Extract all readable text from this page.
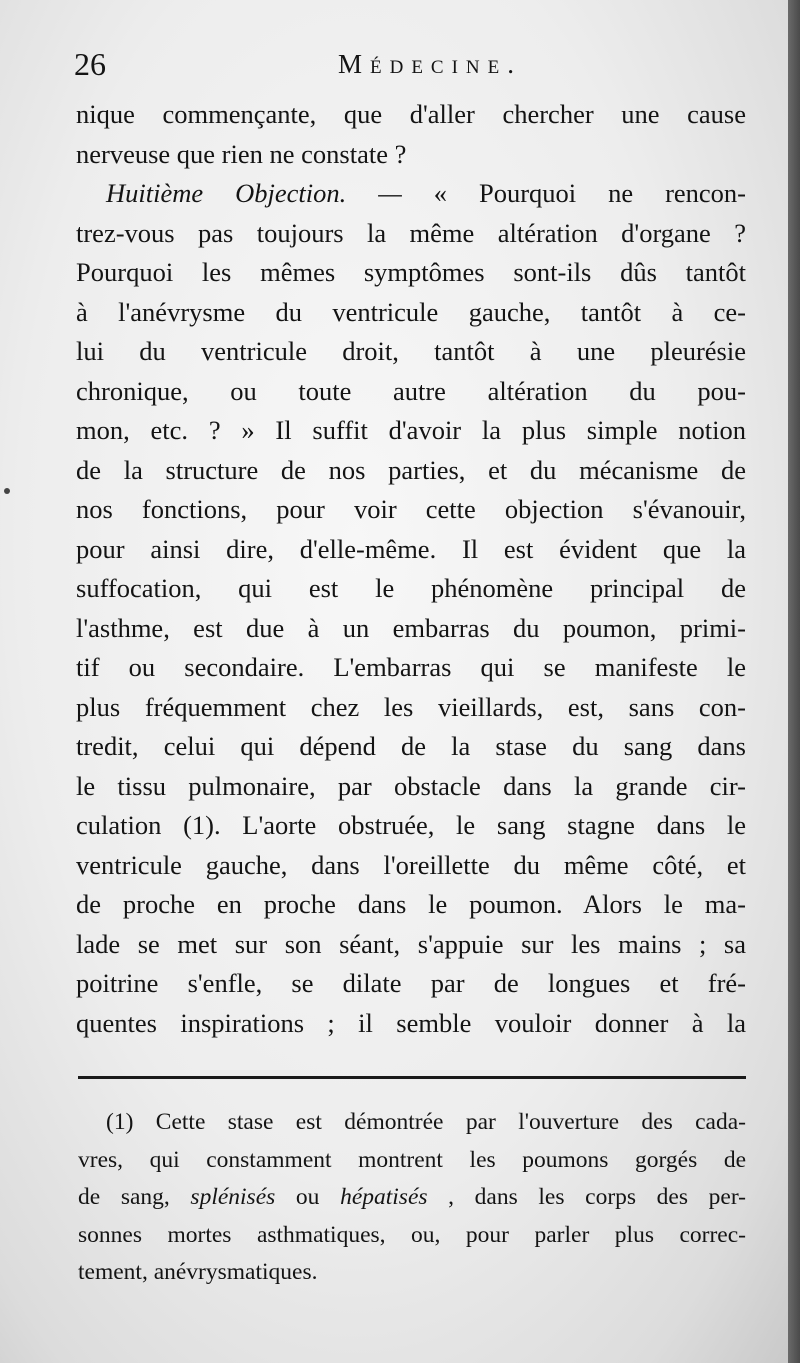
26	Médecine.
nique commençante, que d'aller chercher une cause
nerveuse que rien ne constate ?
Huitième Objection. — « Pourquoi ne rencon-
trez-vous pas toujours la même altération d'organe ?
Pourquoi les mêmes symptômes sont-ils dûs tantôt
à l'anévrysme du ventricule gauche, tantôt à ce-
lui du ventricule droit, tantôt à une pleurésie
chronique, ou toute autre altération du pou-
mon, etc. ? » Il suffit d'avoir la plus simple notion
de la structure de nos parties, et du mécanisme de
nos fonctions, pour voir cette objection s'évanouir,
pour ainsi dire, d'elle-même. Il est évident que la
suffocation, qui est le phénomène principal de
l'asthme, est due à un embarras du poumon, primi-
tif ou secondaire. L'embarras qui se manifeste le
plus fréquemment chez les vieillards, est, sans con-
tredit, celui qui dépend de la stase du sang dans
le tissu pulmonaire, par obstacle dans la grande cir-
culation (1). L'aorte obstruée, le sang stagne dans le
ventricule gauche, dans l'oreillette du même côté, et
de proche en proche dans le poumon. Alors le ma-
lade se met sur son séant, s'appuie sur les mains ; sa
poitrine s'enfle, se dilate par de longues et fré-
quentes inspirations ; il semble vouloir donner à la
(1) Cette stase est démontrée par l'ouverture des cada-
vres, qui constamment montrent les poumons gorgés de
de sang, splénisés ou hépatisés , dans les corps des per-
sonnes mortes asthmatiques, ou, pour parler plus correc-
tement, anévrysmatiques.
